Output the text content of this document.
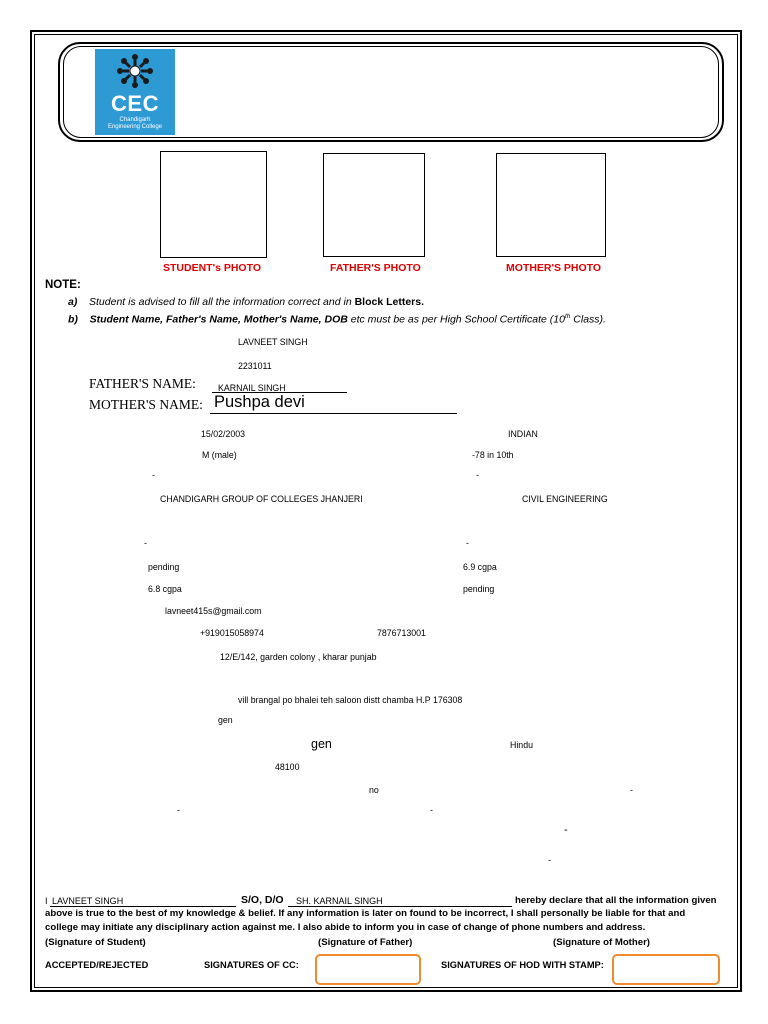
CEC
Chandigarh
Engineering College
STUDENT's PHOTO	FATHER'S PHOTO	MOTHER'S PHOTO
NOTE:
a) Student is advised to fill all the information correct and in Block Letters.
b) Student Name, Father's Name, Mother's Name, DOB etc must be as per High School Certificate (10th Class).
LAVNEET SINGH
2231011
FATHER'S NAME:	KARNAIL SINGH
MOTHER'S NAME: Pushpa devi
15/02/2003	INDIAN
M (male)	-78 in 10th
-	-
CHANDIGARH GROUP OF COLLEGES JHANJERI	CIVIL ENGINEERING
-	-
pending	6.9 cgpa
6.8 cgpa	pending
lavneet415s@gmail.com
+919015058974	7876713001
12/E/142, garden colony , kharar punjab
vill brangal po bhalei teh saloon distt chamba H.P 176308
gen
gen	Hindu
48100
no	-
-	-
-
-
I LAVNEET SINGH	S/O, D/O SH. KARNAIL SINGH	hereby declare that all the information given
above is true to the best of my knowledge & belief. If any information is later on found to be incorrect, I shall personally be liable for that and
college may initiate any disciplinary action against me. I also abide to inform you in case of change of phone numbers and address.
(Signature of Student)	(Signature of Father)	(Signature of Mother)
ACCEPTED/REJECTED	SIGNATURES OF CC:	SIGNATURES OF HOD WITH STAMP:
